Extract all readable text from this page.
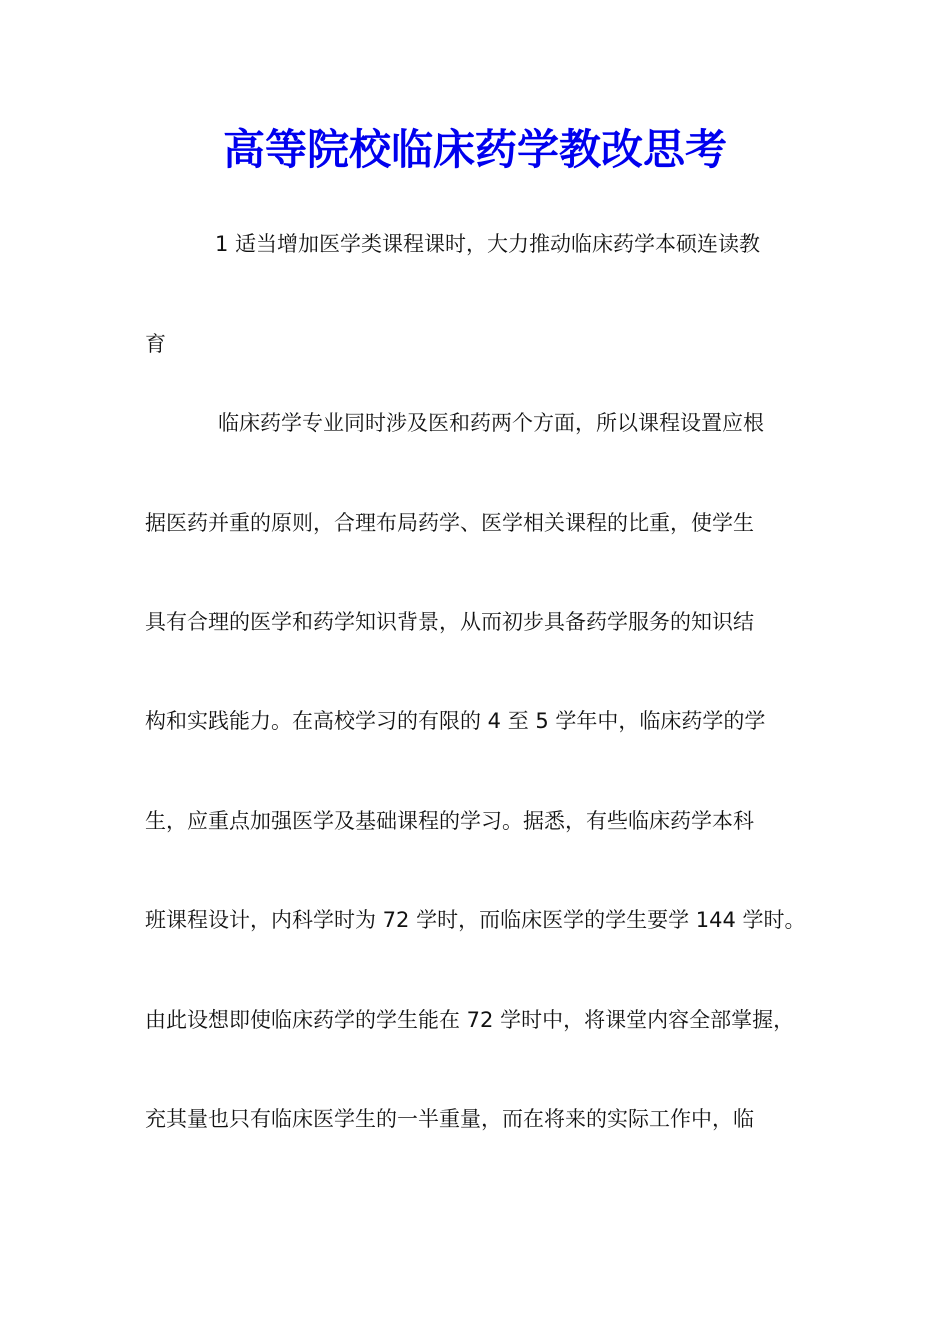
高等院校临床药学教改思考

1 适当增加医学类课程课时，大力推动临床药学本硕连读教

育

临床药学专业同时涉及医和药两个方面，所以课程设置应根

据医药并重的原则，合理布局药学、医学相关课程的比重，使学生

具有合理的医学和药学知识背景，从而初步具备药学服务的知识结

构和实践能力。在高校学习的有限的 4 至 5 学年中，临床药学的学

生，应重点加强医学及基础课程的学习。据悉，有些临床药学本科

班课程设计，内科学时为 72 学时，而临床医学的学生要学 144 学时。

由此设想即使临床药学的学生能在 72 学时中，将课堂内容全部掌握，

充其量也只有临床医学生的一半重量，而在将来的实际工作中，临
